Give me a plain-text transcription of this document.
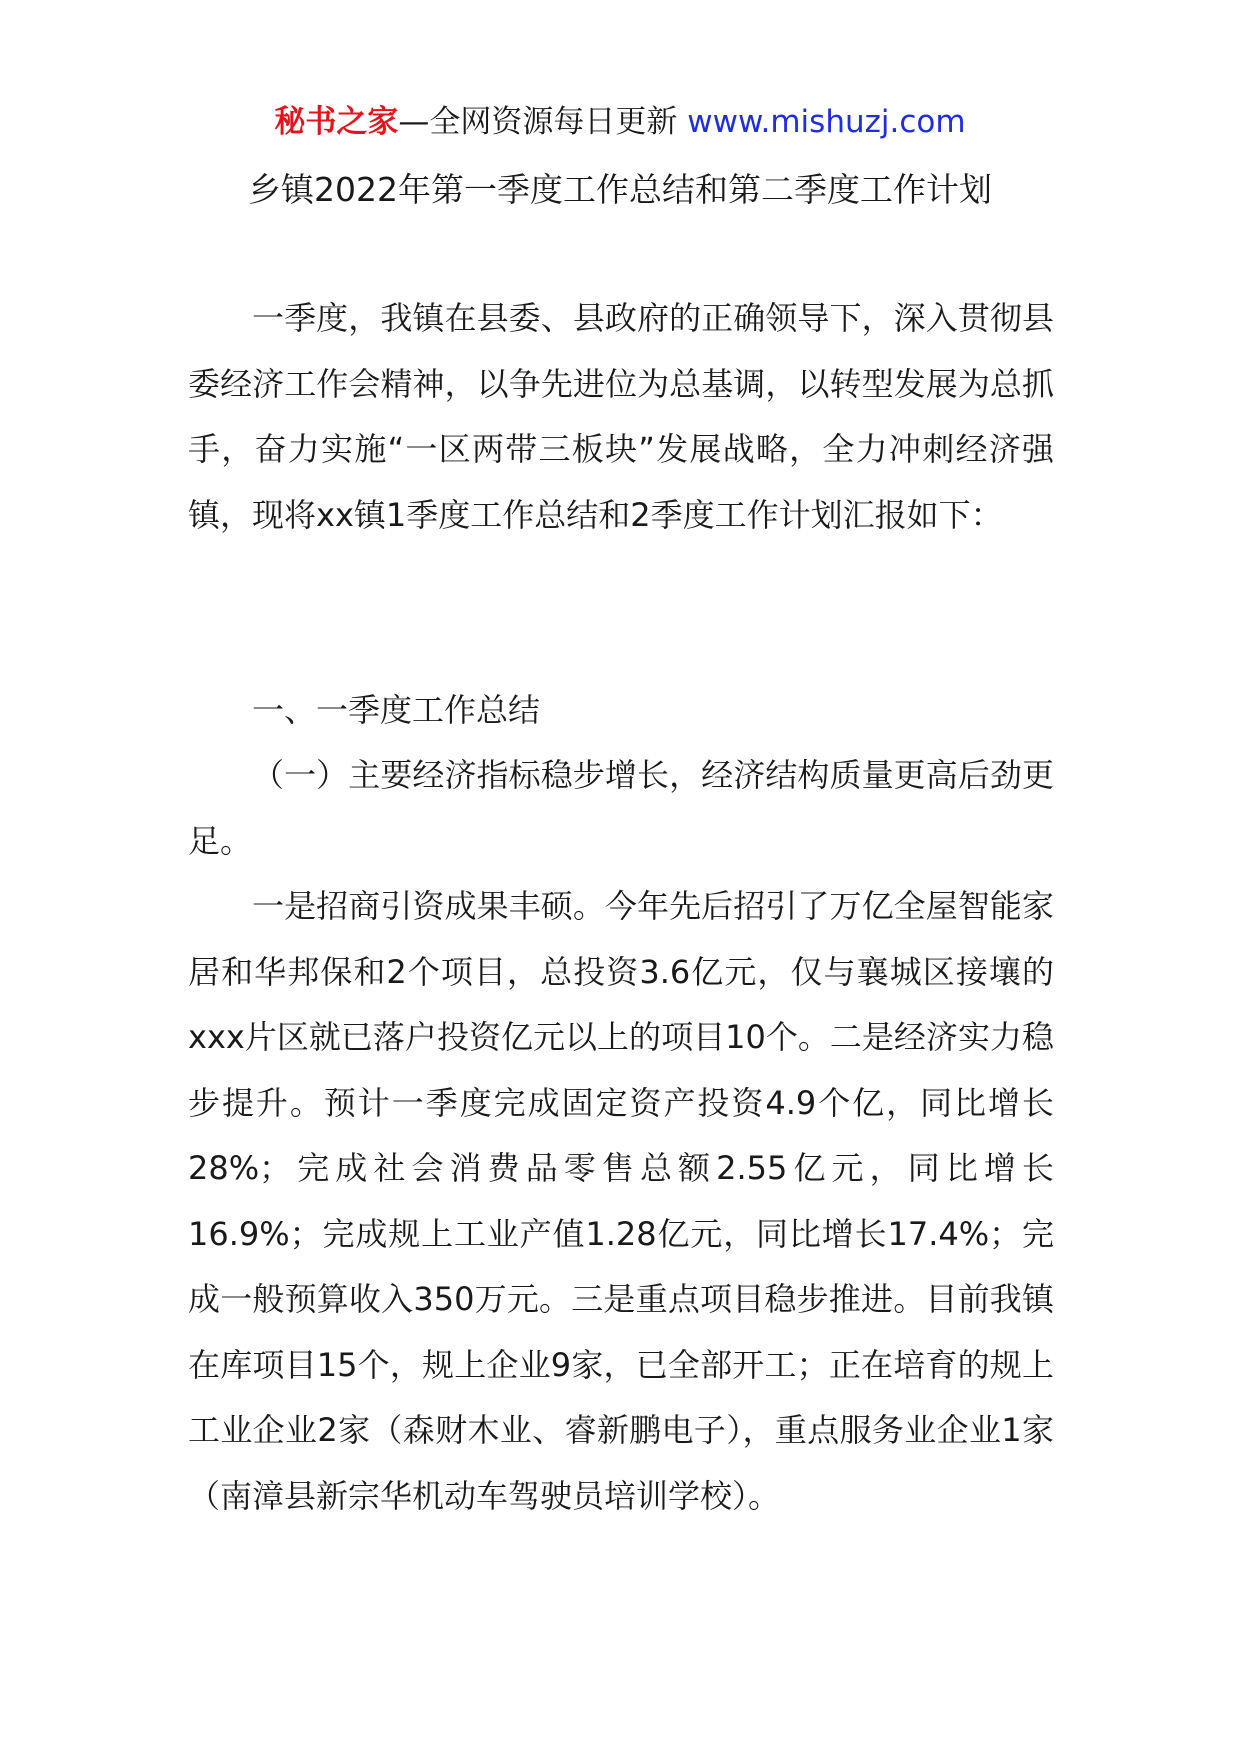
秘书之家—全网资源每日更新 www.mishuzj.com
乡镇2022年第一季度工作总结和第二季度工作计划

一季度，我镇在县委、县政府的正确领导下，深入贯彻县委经济工作会精神，以争先进位为总基调，以转型发展为总抓手，奋力实施“一区两带三板块”发展战略，全力冲刺经济强镇，现将xx镇1季度工作总结和2季度工作计划汇报如下：

一、一季度工作总结

（一）主要经济指标稳步增长，经济结构质量更高后劲更足。

一是招商引资成果丰硕。今年先后招引了万亿全屋智能家居和华邦保和2个项目，总投资3.6亿元，仅与襄城区接壤的xxx片区就已落户投资亿元以上的项目10个。二是经济实力稳步提升。预计一季度完成固定资产投资4.9个亿，同比增长28%；完成社会消费品零售总额2.55亿元，同比增长16.9%；完成规上工业产值1.28亿元，同比增长17.4%；完成一般预算收入350万元。三是重点项目稳步推进。目前我镇在库项目15个，规上企业9家，已全部开工；正在培育的规上工业企业2家（森财木业、睿新鹏电子），重点服务业企业1家（南漳县新宗华机动车驾驶员培训学校）。
